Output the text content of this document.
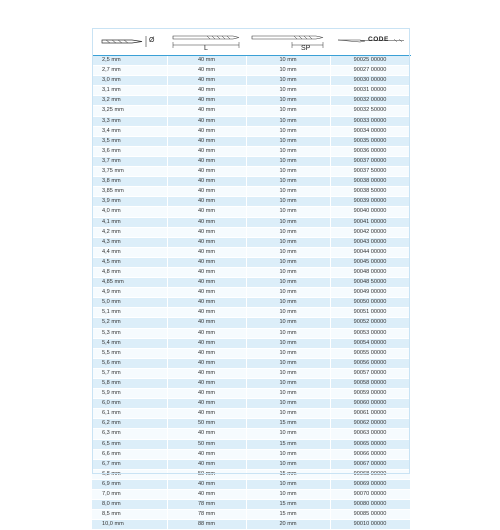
Ø	L	SP	CODE

2,5 mm	40 mm	10 mm	90025 00000
2,7 mm	40 mm	10 mm	90027 00000
3,0 mm	40 mm	10 mm	90030 00000
3,1 mm	40 mm	10 mm	90031 00000
3,2 mm	40 mm	10 mm	90032 00000
3,25 mm	40 mm	10 mm	90032 50000
3,3 mm	40 mm	10 mm	90033 00000
3,4 mm	40 mm	10 mm	90034 00000
3,5 mm	40 mm	10 mm	90035 00000
3,6 mm	40 mm	10 mm	90036 00000
3,7 mm	40 mm	10 mm	90037 00000
3,75 mm	40 mm	10 mm	90037 50000
3,8 mm	40 mm	10 mm	90038 00000
3,85 mm	40 mm	10 mm	90038 50000
3,9 mm	40 mm	10 mm	90039 00000
4,0 mm	40 mm	10 mm	90040 00000
4,1 mm	40 mm	10 mm	90041 00000
4,2 mm	40 mm	10 mm	90042 00000
4,3 mm	40 mm	10 mm	90043 00000
4,4 mm	40 mm	10 mm	90044 00000
4,5 mm	40 mm	10 mm	90045 00000
4,8 mm	40 mm	10 mm	90048 00000
4,85 mm	40 mm	10 mm	90048 50000
4,9 mm	40 mm	10 mm	90049 00000
5,0 mm	40 mm	10 mm	90050 00000
5,1 mm	40 mm	10 mm	90051 00000
5,2 mm	40 mm	10 mm	90052 00000
5,3 mm	40 mm	10 mm	90053 00000
5,4 mm	40 mm	10 mm	90054 00000
5,5 mm	40 mm	10 mm	90055 00000
5,6 mm	40 mm	10 mm	90056 00000
5,7 mm	40 mm	10 mm	90057 00000
5,8 mm	40 mm	10 mm	90058 00000
5,9 mm	40 mm	10 mm	90059 00000
6,0 mm	40 mm	10 mm	90060 00000
6,1 mm	40 mm	10 mm	90061 00000
6,2 mm	50 mm	15 mm	90062 00000
6,3 mm	40 mm	10 mm	90063 00000
6,5 mm	50 mm	15 mm	90065 00000
6,6 mm	40 mm	10 mm	90066 00000
6,7 mm	40 mm	10 mm	90067 00000
6,8 mm	50 mm	15 mm	90068 00000
6,9 mm	40 mm	10 mm	90069 00000
7,0 mm	40 mm	10 mm	90070 00000
8,0 mm	78 mm	15 mm	90080 00000
8,5 mm	78 mm	15 mm	90085 00000
10,0 mm	88 mm	20 mm	90010 00000
